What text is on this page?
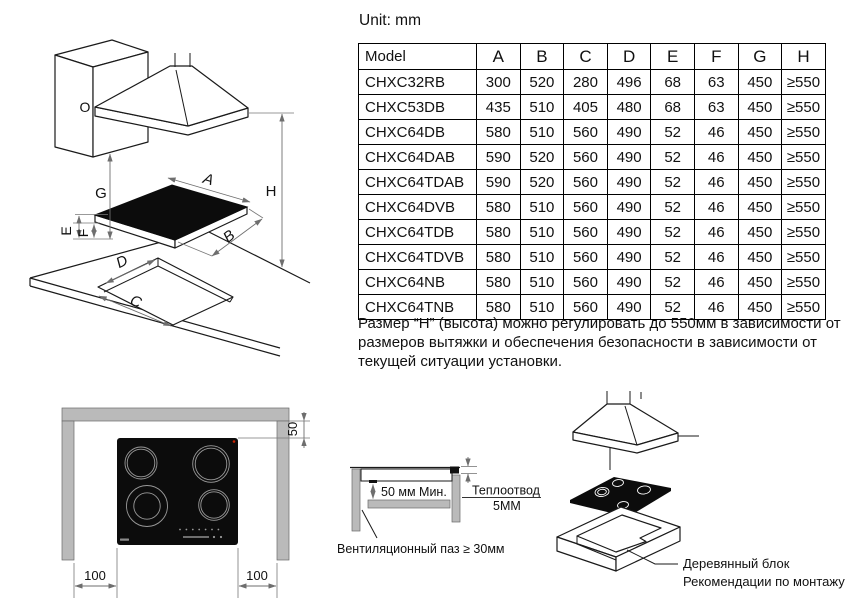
O
G	H
A
B
E F
D
C
Unit: mm
Model	A	B	C	D	E	F	G	H
CHXC32RB	300	520	280	496	68	63	450	≥550
CHXC53DB	435	510	405	480	68	63	450	≥550
CHXC64DB	580	510	560	490	52	46	450	≥550
CHXC64DAB	590	520	560	490	52	46	450	≥550
CHXC64TDAB	590	520	560	490	52	46	450	≥550
CHXC64DVB	580	510	560	490	52	46	450	≥550
CHXC64TDB	580	510	560	490	52	46	450	≥550
CHXC64TDVB	580	510	560	490	52	46	450	≥550
CHXC64NB	580	510	560	490	52	46	450	≥550
CHXC64TNB	580	510	560	490	52	46	450	≥550
Размер “H” (высота) можно регулировать до 550мм в зависимости от размеров вытяжки и обеспечения безопасности в зависимости от текущей ситуации установки.
50
100	100
50 мм Мин. Теплоотвод
5MM
Вентиляционный паз ≥ 30мм
Деревянный блок
Рекомендации по монтажу
